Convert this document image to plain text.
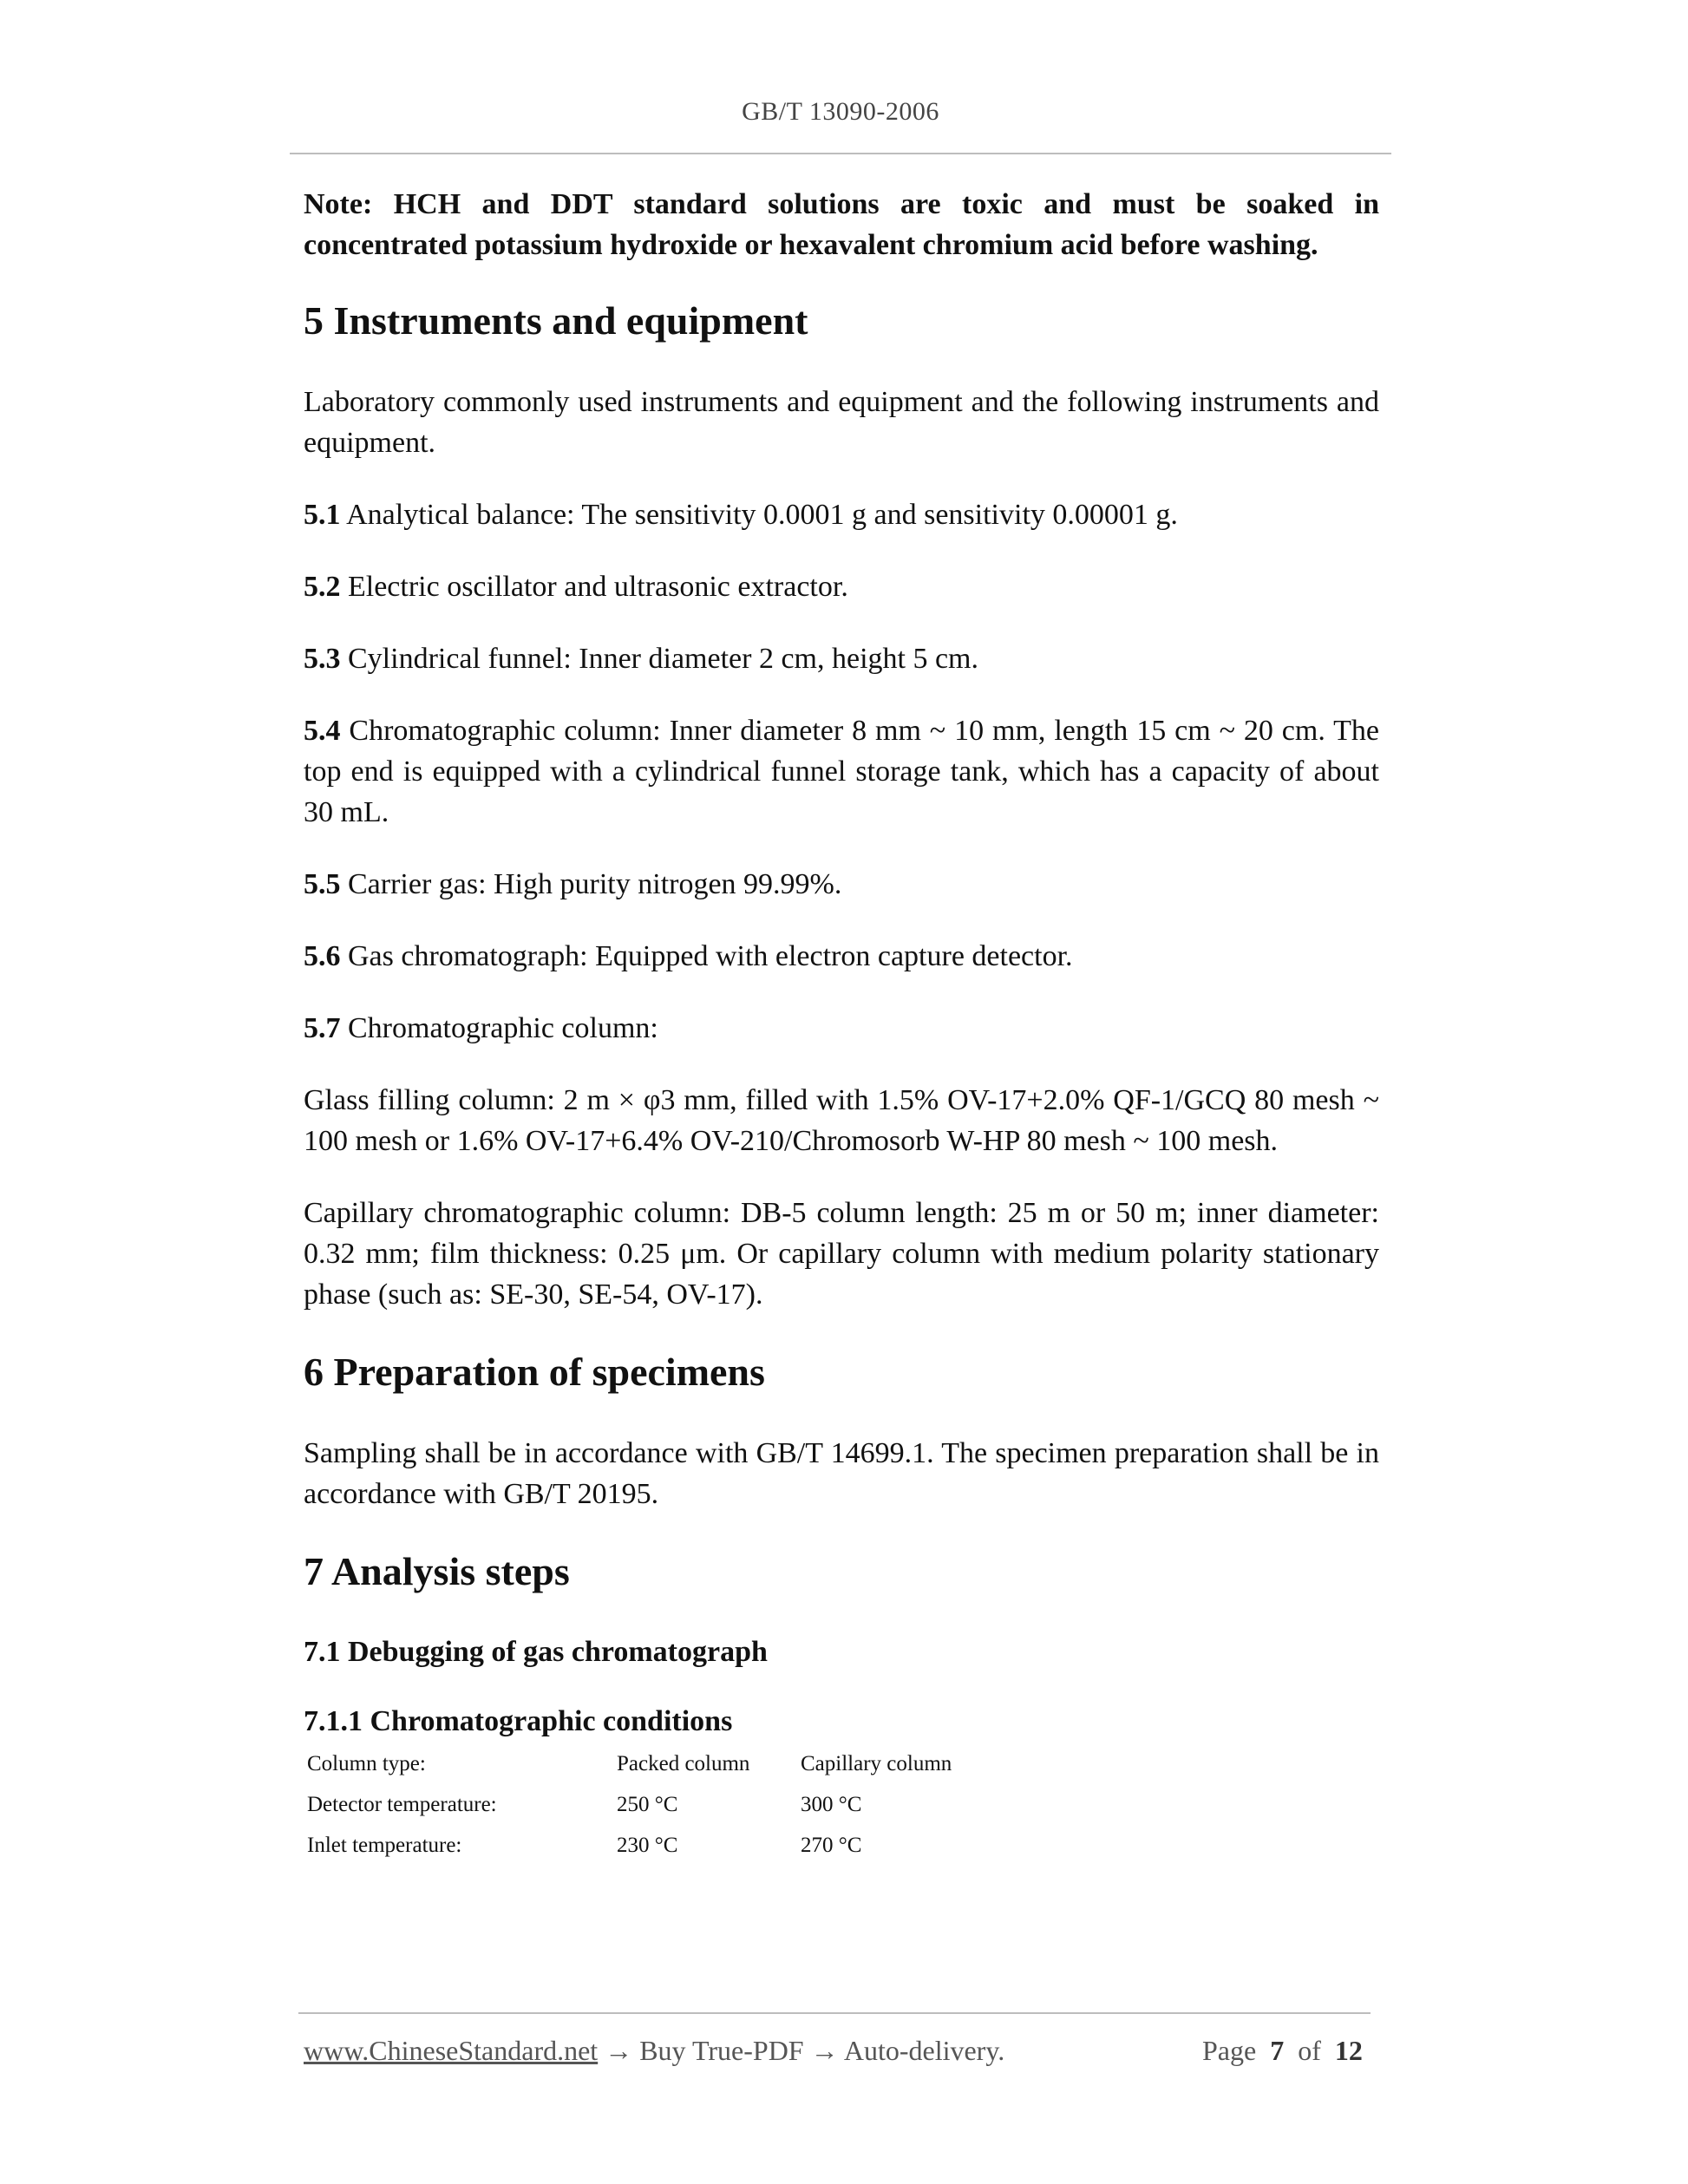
GB/T 13090-2006

Note: HCH and DDT standard solutions are toxic and must be soaked in concentrated potassium hydroxide or hexavalent chromium acid before washing.

5 Instruments and equipment

Laboratory commonly used instruments and equipment and the following instruments and equipment.

5.1 Analytical balance: The sensitivity 0.0001 g and sensitivity 0.00001 g.

5.2 Electric oscillator and ultrasonic extractor.

5.3 Cylindrical funnel: Inner diameter 2 cm, height 5 cm.

5.4 Chromatographic column: Inner diameter 8 mm ~ 10 mm, length 15 cm ~ 20 cm. The top end is equipped with a cylindrical funnel storage tank, which has a capacity of about 30 mL.

5.5 Carrier gas: High purity nitrogen 99.99%.

5.6 Gas chromatograph: Equipped with electron capture detector.

5.7 Chromatographic column:

Glass filling column: 2 m × φ3 mm, filled with 1.5% OV-17+2.0% QF-1/GCQ 80 mesh ~ 100 mesh or 1.6% OV-17+6.4% OV-210/Chromosorb W-HP 80 mesh ~ 100 mesh.

Capillary chromatographic column: DB-5 column length: 25 m or 50 m; inner diameter: 0.32 mm; film thickness: 0.25 μm. Or capillary column with medium polarity stationary phase (such as: SE-30, SE-54, OV-17).

6 Preparation of specimens

Sampling shall be in accordance with GB/T 14699.1. The specimen preparation shall be in accordance with GB/T 20195.

7 Analysis steps
7.1 Debugging of gas chromatograph
7.1.1 Chromatographic conditions
Column type:	Packed column	Capillary column
Detector temperature:	250 °C	300 °C
Inlet temperature:	230 °C	270 °C
www.ChineseStandard.net → Buy True-PDF → Auto-delivery.	Page 7 of 12
